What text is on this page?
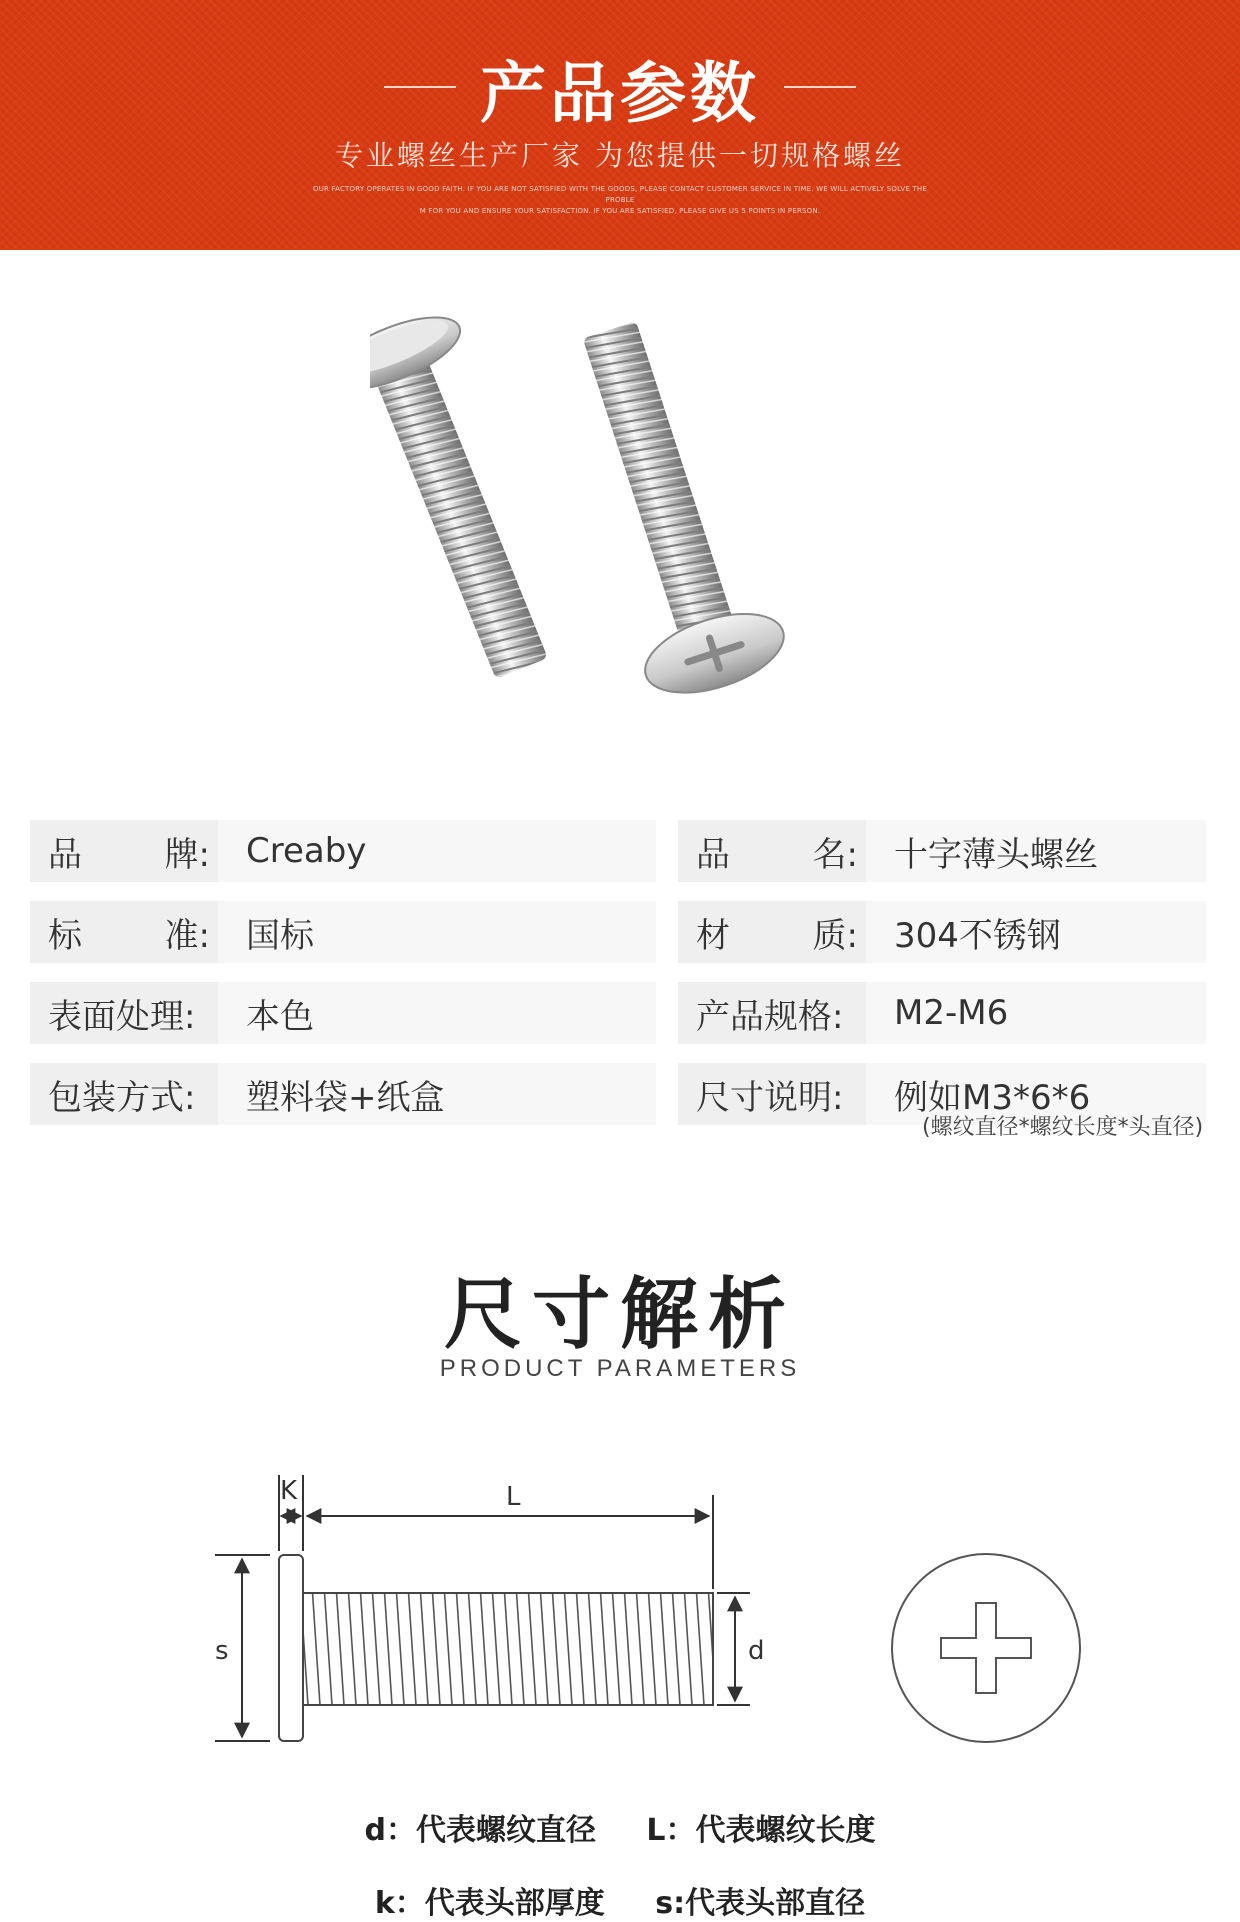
产品参数
专业螺丝生产厂家 为您提供一切规格螺丝
OUR FACTORY OPERATES IN GOOD FAITH. IF YOU ARE NOT SATISFIED WITH THE GOODS, PLEASE CONTACT CUSTOMER SERVICE IN TIME. WE WILL ACTIVELY SOLVE THE PROBLE
M FOR YOU AND ENSURE YOUR SATISFACTION. IF YOU ARE SATISFIED, PLEASE GIVE US 5 POINTS IN PERSON.
品 牌:	Creaby	品 名:	十字薄头螺丝
标 准:	国标	材 质:	304不锈钢
表面处理:	本色	产品规格:	M2-M6
包装方式:	塑料袋+纸盒	尺寸说明:	例如M3*6*6
(螺纹直径*螺纹长度*头直径)
尺寸解析
PRODUCT PARAMETERS
s
K	L
d
d：代表螺纹直径 L：代表螺纹长度
k：代表头部厚度 s:代表头部直径
